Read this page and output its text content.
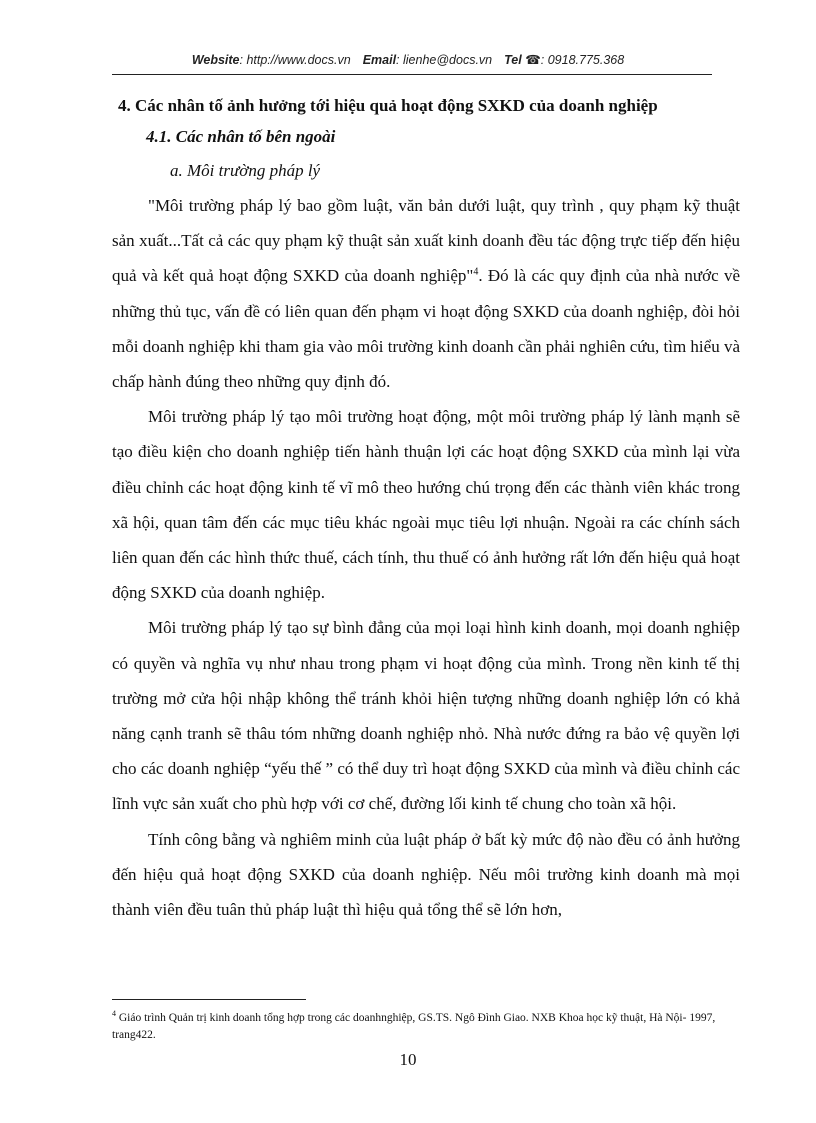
Website: http://www.docs.vn Email: lienhe@docs.vn Tel ☎: 0918.775.368
4. Các nhân tố ảnh hưởng tới hiệu quả hoạt động SXKD của doanh nghiệp
4.1. Các nhân tố bên ngoài
a. Môi trường pháp lý

"Môi trường pháp lý bao gồm luật, văn bản dưới luật, quy trình , quy phạm kỹ thuật sản xuất...Tất cả các quy phạm kỹ thuật sản xuất kinh doanh đều tác động trực tiếp đến hiệu quả và kết quả hoạt động SXKD của doanh nghiệp"$^4$. Đó là các quy định của nhà nước về những thủ tục, vấn đề có liên quan đến phạm vi hoạt động SXKD của doanh nghiệp, đòi hỏi mỗi doanh nghiệp khi tham gia vào môi trường kinh doanh cần phải nghiên cứu, tìm hiểu và chấp hành đúng theo những quy định đó.

Môi trường pháp lý tạo môi trường hoạt động, một môi trường pháp lý lành mạnh sẽ tạo điều kiện cho doanh nghiệp tiến hành thuận lợi các hoạt động SXKD của mình lại vừa điều chỉnh các hoạt động kinh tế vĩ mô theo hướng chú trọng đến các thành viên khác trong xã hội, quan tâm đến các mục tiêu khác ngoài mục tiêu lợi nhuận. Ngoài ra các chính sách liên quan đến các hình thức thuế, cách tính, thu thuế có ảnh hưởng rất lớn đến hiệu quả hoạt động SXKD của doanh nghiệp.

Môi trường pháp lý tạo sự bình đẳng của mọi loại hình kinh doanh, mọi doanh nghiệp có quyền và nghĩa vụ như nhau trong phạm vi hoạt động của mình. Trong nền kinh tế thị trường mở cửa hội nhập không thể tránh khỏi hiện tượng những doanh nghiệp lớn có khả năng cạnh tranh sẽ thâu tóm những doanh nghiệp nhỏ. Nhà nước đứng ra bảo vệ quyền lợi cho các doanh nghiệp “yếu thế ” có thể duy trì hoạt động SXKD của mình và điều chỉnh các lĩnh vực sản xuất cho phù hợp với cơ chế, đường lối kinh tế chung cho toàn xã hội.

Tính công bằng và nghiêm minh của luật pháp ở bất kỳ mức độ nào đều có ảnh hưởng đến hiệu quả hoạt động SXKD của doanh nghiệp. Nếu môi trường kinh doanh mà mọi thành viên đều tuân thủ pháp luật thì hiệu quả tổng thể sẽ lớn hơn,

$^4$ Giáo trình Quản trị kinh doanh tổng hợp trong các doanhnghiệp, GS.TS. Ngô Đình Giao. NXB Khoa học kỹ thuật, Hà Nội- 1997, trang422.
10
